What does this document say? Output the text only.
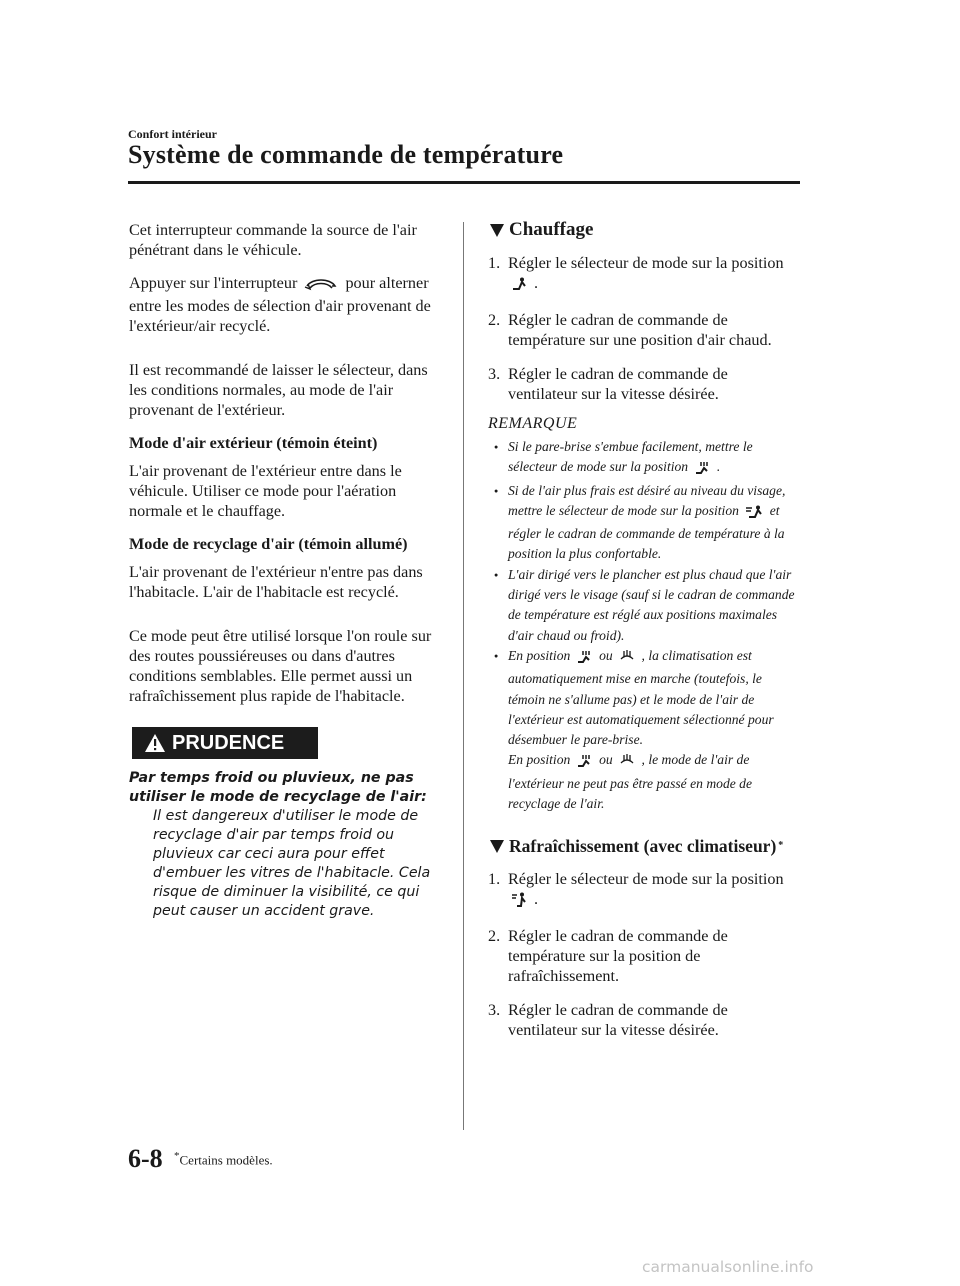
Confort intérieur
Système de commande de température

Cet interrupteur commande la source de l'air pénétrant dans le véhicule.

Appuyer sur l'interrupteur	pour alterner entre les modes de sélection d'air provenant de l'extérieur/air recyclé.

Il est recommandé de laisser le sélecteur, dans les conditions normales, au mode de l'air provenant de l'extérieur.

Mode d'air extérieur (témoin éteint)

L'air provenant de l'extérieur entre dans le véhicule. Utiliser ce mode pour l'aération normale et le chauffage.

Mode de recyclage d'air (témoin allumé)

L'air provenant de l'extérieur n'entre pas dans l'habitacle. L'air de l'habitacle est recyclé.

Ce mode peut être utilisé lorsque l'on roule sur des routes poussiéreuses ou dans d'autres conditions semblables. Elle permet aussi un rafraîchissement plus rapide de l'habitacle.

PRUDENCE

Par temps froid ou pluvieux, ne pas utiliser le mode de recyclage de l'air:

Il est dangereux d'utiliser le mode de recyclage d'air par temps froid ou pluvieux car ceci aura pour effet d'embuer les vitres de l'habitacle. Cela risque de diminuer la visibilité, ce qui peut causer un accident grave.

Chauffage
1. Régler le sélecteur de mode sur la position  .
2. Régler le cadran de commande de température sur une position d'air chaud.
3. Régler le cadran de commande de ventilateur sur la vitesse désirée.

REMARQUE

● Si le pare-brise s'embue facilement, mettre le sélecteur de mode sur la position .
● Si de l'air plus frais est désiré au niveau du visage, mettre le sélecteur de mode sur la position et régler le cadran de commande de température à la position la plus confortable.
● L'air dirigé vers le plancher est plus chaud que l'air dirigé vers le visage (sauf si le cadran de commande de température est réglé aux positions maximales d'air chaud ou froid).
● En position ou , la climatisation est automatiquement mise en marche (toutefois, le témoin ne s'allume pas) et le mode de l'air de l'extérieur est automatiquement sélectionné pour désembuer le pare-brise.
En position ou , le mode de l'air de l'extérieur ne peut pas être passé en mode de recyclage de l'air.
Rafraîchissement (avec climatiseur) *
1. Régler le sélecteur de mode sur la position  .
2. Régler le cadran de commande de température sur la position de rafraîchissement.
3. Régler le cadran de commande de ventilateur sur la vitesse désirée.
6-8 *Certains modèles.
carmanualsonline.info
